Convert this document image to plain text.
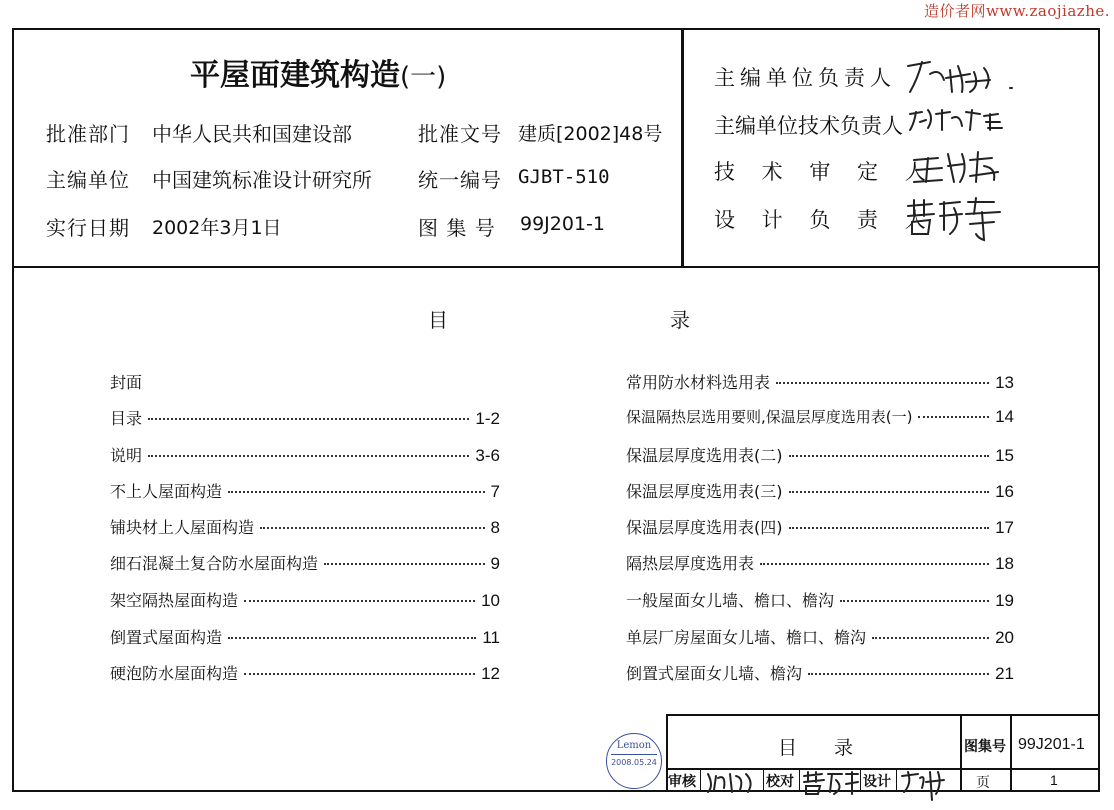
造价者网www.zaojiazhe.
平屋面建筑构造(一)
批准部门 中华人民共和国建设部	批准文号 建质[2002]48号
主编单位 中国建筑标准设计研究所 统一编号 GJBT-510
实行日期 2002年3月1日	图 集 号 99J201-1
主编单位负责人
主编单位技术负责人
技 术 审 定 人
设 计 负 责 人
目	录
封面
目录	1-2
说明	3-6
不上人屋面构造	7
铺块材上人屋面构造	8
细石混凝土复合防水屋面构造	9
架空隔热屋面构造	10
倒置式屋面构造	11
硬泡防水屋面构造	12
常用防水材料选用表	13
保温隔热层选用要则,保温层厚度选用表(一)	14
保温层厚度选用表(二)	15
保温层厚度选用表(三)	16
保温层厚度选用表(四)	17
隔热层厚度选用表	18
一般屋面女儿墙、檐口、檐沟	19
单层厂房屋面女儿墙、檐口、檐沟	20
倒置式屋面女儿墙、檐沟	21
Lemon
2008.05.24
目 录	图集号 99J201-1
审核	校对	设计	页	1
